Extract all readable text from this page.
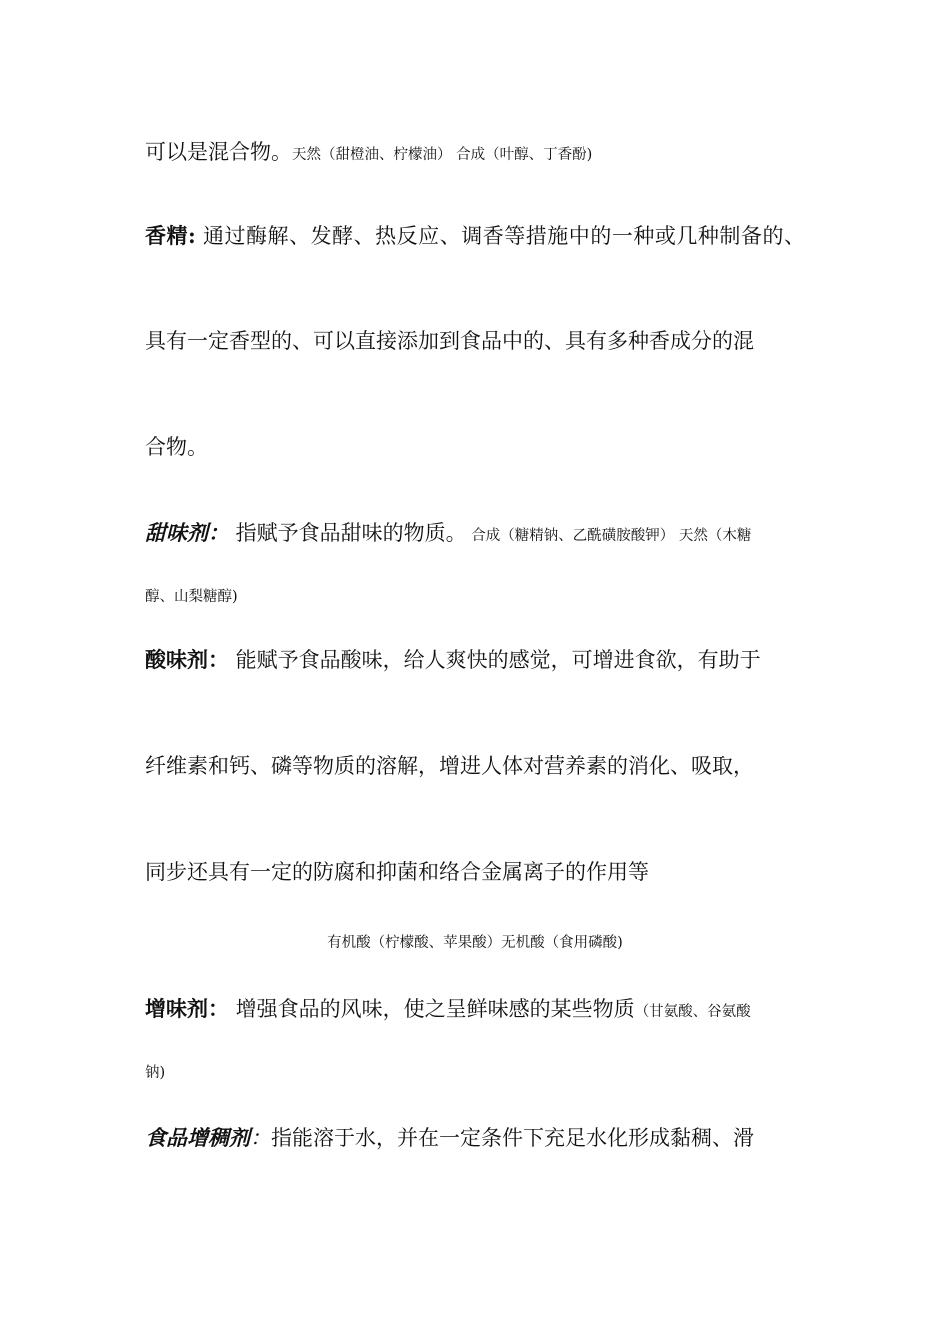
可以是混合物。天然（甜橙油、柠檬油） 合成（叶醇、丁香酚)
香精: 通过酶解、发酵、热反应、调香等措施中的一种或几种制备的、
具有一定香型的、可以直接添加到食品中的、具有多种香成分的混
合物。
甜味剂： 指赋予食品甜味的物质。 合成（糖精钠、乙酰磺胺酸钾） 天然（木糖
醇、山梨糖醇)
酸味剂： 能赋予食品酸味，给人爽快的感觉，可增进食欲，有助于
纤维素和钙、磷等物质的溶解，增进人体对营养素的消化、吸取，
同步还具有一定的防腐和抑菌和络合金属离子的作用等
有机酸（柠檬酸、苹果酸）无机酸（食用磷酸)
增味剂： 增强食品的风味，使之呈鲜味感的某些物质（甘氨酸、谷氨酸
钠)
食品增稠剂：指能溶于水，并在一定条件下充足水化形成黏稠、滑
